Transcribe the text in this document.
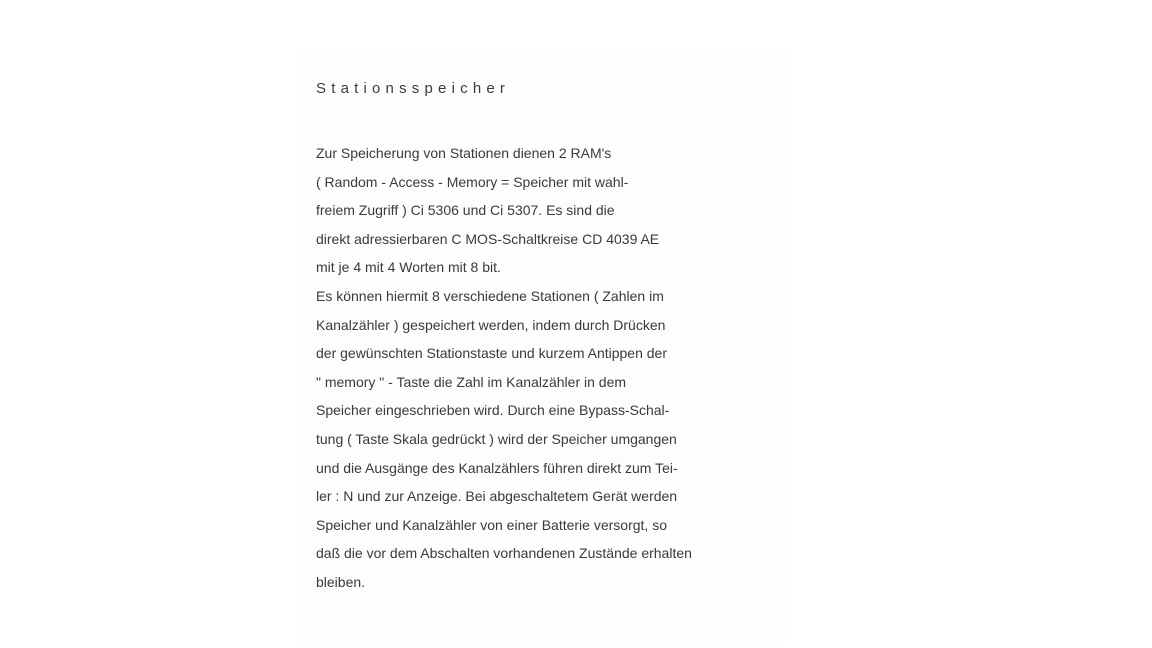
Stationsspeicher
Zur Speicherung von Stationen dienen 2 RAM's
( Random - Access - Memory = Speicher mit wahl-
freiem Zugriff ) Ci 5306 und Ci 5307. Es sind die
direkt adressierbaren C MOS-Schaltkreise CD 4039 AE
mit je 4 mit 4 Worten mit 8 bit.
Es können hiermit 8 verschiedene Stationen ( Zahlen im
Kanalzähler ) gespeichert werden, indem durch Drücken
der gewünschten Stationstaste und kurzem Antippen der
" memory " - Taste die Zahl im Kanalzähler in dem
Speicher eingeschrieben wird. Durch eine Bypass-Schal-
tung ( Taste Skala gedrückt ) wird der Speicher umgangen
und die Ausgänge des Kanalzählers führen direkt zum Tei-
ler : N und zur Anzeige. Bei abgeschaltetem Gerät werden
Speicher und Kanalzähler von einer Batterie versorgt, so
daß die vor dem Abschalten vorhandenen Zustände erhalten
bleiben.
